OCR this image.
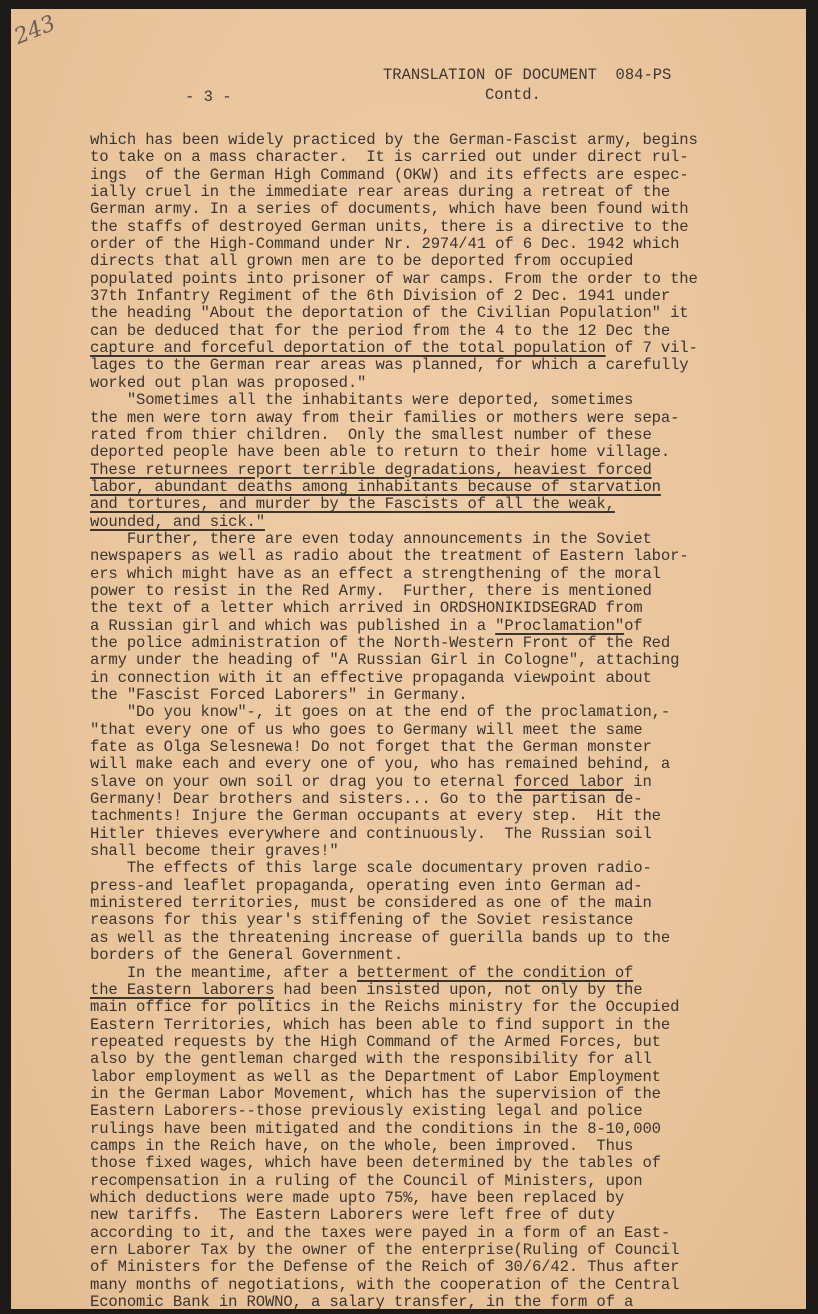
243
- 3 -
TRANSLATION OF DOCUMENT  084-PS
Contd.
which has been widely practiced by the German-Fascist army, begins
to take on a mass character.  It is carried out under direct rul-
ings  of the German High Command (OKW) and its effects are espec-
ially cruel in the immediate rear areas during a retreat of the
German army. In a series of documents, which have been found with
the staffs of destroyed German units, there is a directive to the
order of the High-Command under Nr. 2974/41 of 6 Dec. 1942 which
directs that all grown men are to be deported from occupied
populated points into prisoner of war camps. From the order to the
37th Infantry Regiment of the 6th Division of 2 Dec. 1941 under
the heading "About the deportation of the Civilian Population" it
can be deduced that for the period from the 4 to the 12 Dec the
capture and forceful deportation of the total population of 7 vil-
lages to the German rear areas was planned, for which a carefully
worked out plan was proposed."
"Sometimes all the inhabitants were deported, sometimes
the men were torn away from their families or mothers were sepa-
rated from thier children.  Only the smallest number of these
deported people have been able to return to their home village.
These returnees report terrible degradations, heaviest forced
labor, abundant deaths among inhabitants because of starvation
and tortures, and murder by the Fascists of all the weak,
wounded, and sick."
Further, there are even today announcements in the Soviet
newspapers as well as radio about the treatment of Eastern labor-
ers which might have as an effect a strengthening of the moral
power to resist in the Red Army.  Further, there is mentioned
the text of a letter which arrived in ORDSHONIKIDSEGRAD from
a Russian girl and which was published in a "Proclamation"of
the police administration of the North-Western Front of the Red
army under the heading of "A Russian Girl in Cologne", attaching
in connection with it an effective propaganda viewpoint about
the "Fascist Forced Laborers" in Germany.
"Do you know"-, it goes on at the end of the proclamation,-
"that every one of us who goes to Germany will meet the same
fate as Olga Selesnewa! Do not forget that the German monster
will make each and every one of you, who has remained behind, a
slave on your own soil or drag you to eternal forced labor in
Germany! Dear brothers and sisters... Go to the partisan de-
tachments! Injure the German occupants at every step.  Hit the
Hitler thieves everywhere and continuously.  The Russian soil
shall become their graves!"
The effects of this large scale documentary proven radio-
press-and leaflet propaganda, operating even into German ad-
ministered territories, must be considered as one of the main
reasons for this year's stiffening of the Soviet resistance
as well as the threatening increase of guerilla bands up to the
borders of the General Government.
In the meantime, after a betterment of the condition of
the Eastern laborers had been insisted upon, not only by the
main office for politics in the Reichs ministry for the Occupied
Eastern Territories, which has been able to find support in the
repeated requests by the High Command of the Armed Forces, but
also by the gentleman charged with the responsibility for all
labor employment as well as the Department of Labor Employment
in the German Labor Movement, which has the supervision of the
Eastern Laborers--those previously existing legal and police
rulings have been mitigated and the conditions in the 8-10,000
camps in the Reich have, on the whole, been improved.  Thus
those fixed wages, which have been determined by the tables of
recompensation in a ruling of the Council of Ministers, upon
which deductions were made upto 75%, have been replaced by
new tariffs.  The Eastern Laborers were left free of duty
according to it, and the taxes were payed in a form of an East-
ern Laborer Tax by the owner of the enterprise(Ruling of Council
of Ministers for the Defense of the Reich of 30/6/42. Thus after
many months of negotiations, with the cooperation of the Central
Economic Bank in ROWNO, a salary transfer, in the form of a
